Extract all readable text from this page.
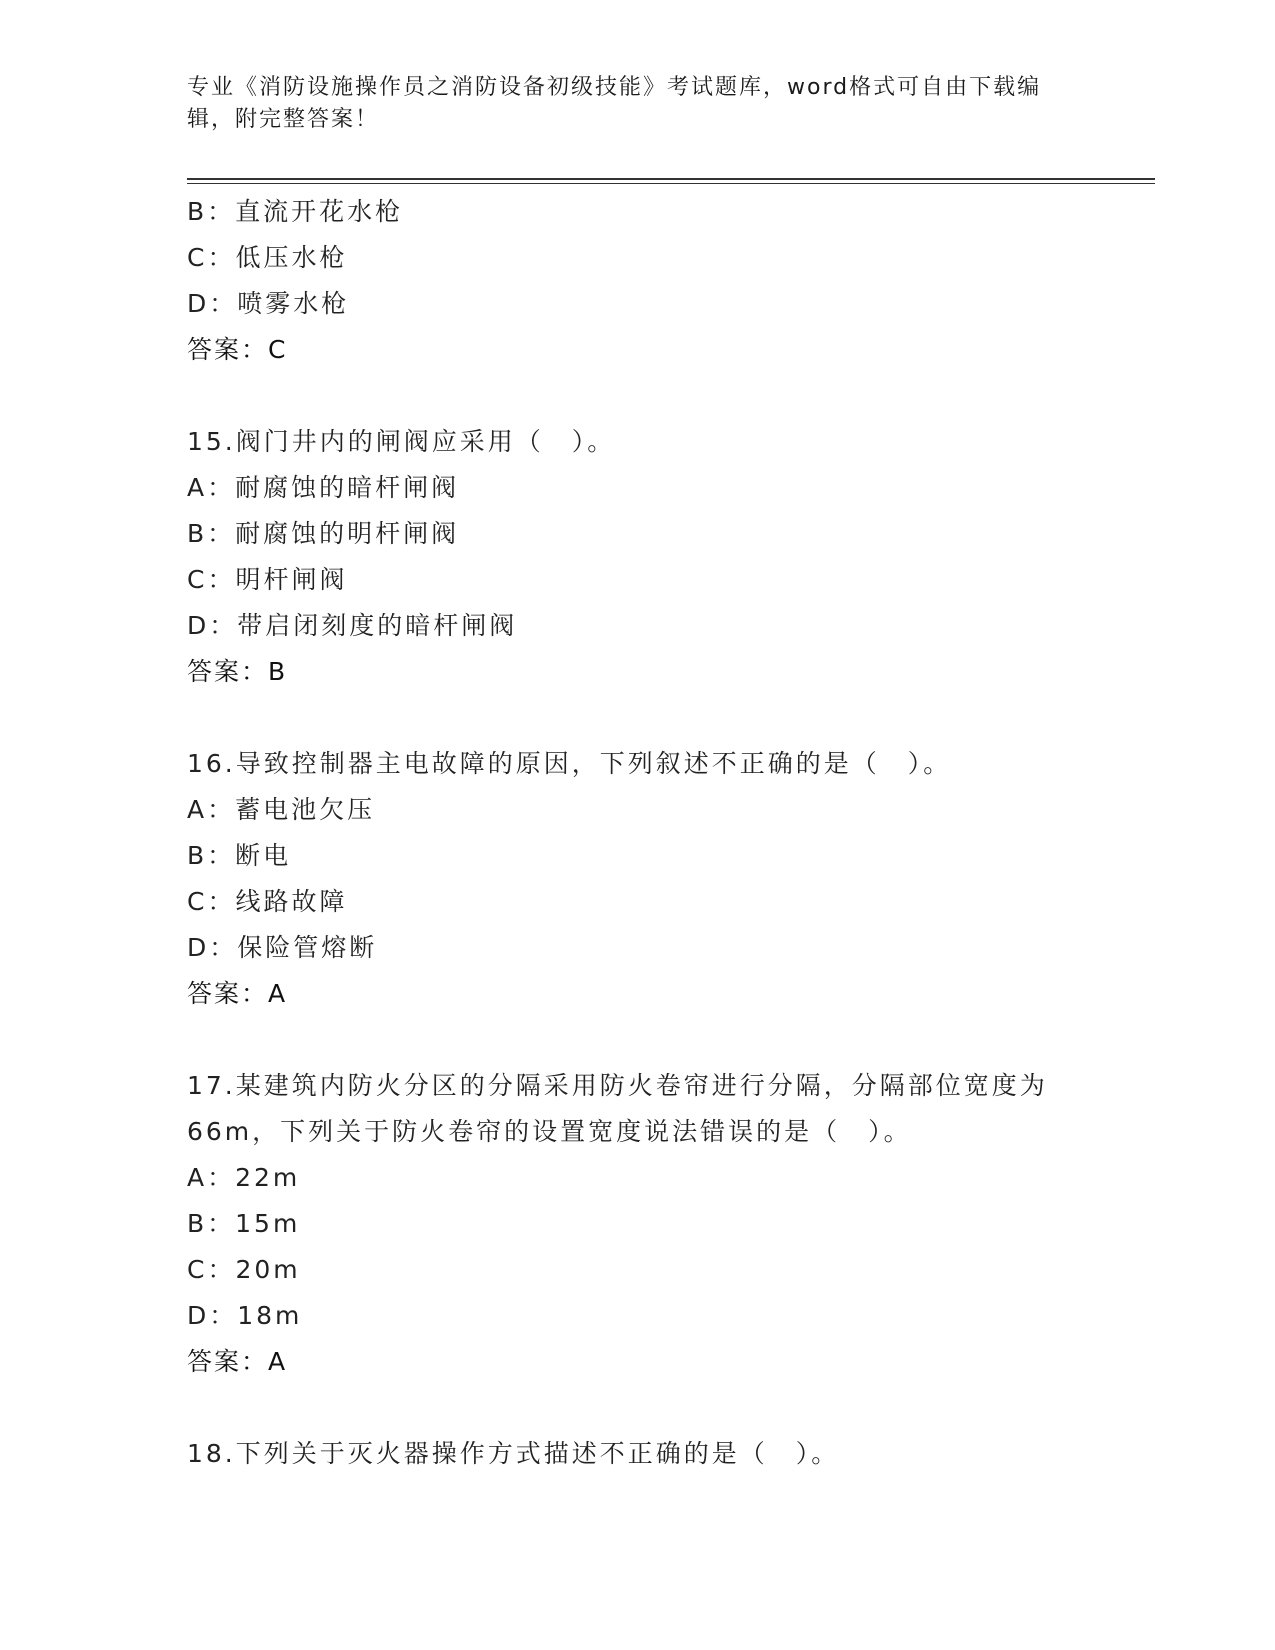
专业《消防设施操作员之消防设备初级技能》考试题库，word格式可自由下载编辑，附完整答案！
B：直流开花水枪
C：低压水枪
D：喷雾水枪
答案：C
15.阀门井内的闸阀应采用（　）。
A：耐腐蚀的暗杆闸阀
B：耐腐蚀的明杆闸阀
C：明杆闸阀
D：带启闭刻度的暗杆闸阀
答案：B
16.导致控制器主电故障的原因，下列叙述不正确的是（　）。
A：蓄电池欠压
B：断电
C：线路故障
D：保险管熔断
答案：A
17.某建筑内防火分区的分隔采用防火卷帘进行分隔，分隔部位宽度为
66m，下列关于防火卷帘的设置宽度说法错误的是（　）。
A：22m
B：15m
C：20m
D：18m
答案：A
18.下列关于灭火器操作方式描述不正确的是（　）。
